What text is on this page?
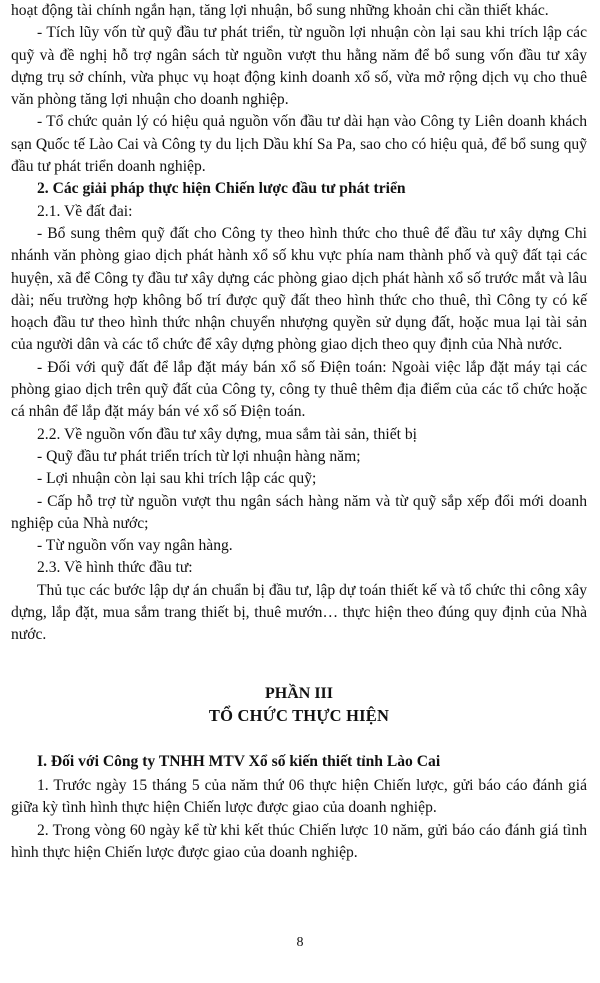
hoạt động tài chính ngắn hạn, tăng lợi nhuận, bổ sung những khoản chi cần thiết khác.

- Tích lũy vốn từ quỹ đầu tư phát triển, từ nguồn lợi nhuận còn lại sau khi trích lập các quỹ và đề nghị hỗ trợ ngân sách từ nguồn vượt thu hằng năm để bổ sung vốn đầu tư xây dựng trụ sở chính, vừa phục vụ hoạt động kinh doanh xổ số, vừa mở rộng dịch vụ cho thuê văn phòng tăng lợi nhuận cho doanh nghiệp.

- Tổ chức quản lý có hiệu quả nguồn vốn đầu tư dài hạn vào Công ty Liên doanh khách sạn Quốc tế Lào Cai và Công ty du lịch Dầu khí Sa Pa, sao cho có hiệu quả, để bổ sung quỹ đầu tư phát triển doanh nghiệp.

2. Các giải pháp thực hiện Chiến lược đầu tư phát triển

2.1. Về đất đai:

- Bổ sung thêm quỹ đất cho Công ty theo hình thức cho thuê để đầu tư xây dựng Chi nhánh văn phòng giao dịch phát hành xổ số khu vực phía nam thành phố và quỹ đất tại các huyện, xã để Công ty đầu tư xây dựng các phòng giao dịch phát hành xổ số trước mắt và lâu dài; nếu trường hợp không bố trí được quỹ đất theo hình thức cho thuê, thì Công ty có kế hoạch đầu tư theo hình thức nhận chuyển nhượng quyền sử dụng đất, hoặc mua lại tài sản của người dân và các tổ chức để xây dựng phòng giao dịch theo quy định của Nhà nước.

- Đối với quỹ đất để lắp đặt máy bán xổ số Điện toán: Ngoài việc lắp đặt máy tại các phòng giao dịch trên quỹ đất của Công ty, công ty thuê thêm địa điểm của các tổ chức hoặc cá nhân để lắp đặt máy bán vé xổ số Điện toán.

2.2. Về nguồn vốn đầu tư xây dựng, mua sắm tài sản, thiết bị

- Quỹ đầu tư phát triển trích từ lợi nhuận hàng năm;

- Lợi nhuận còn lại sau khi trích lập các quỹ;

- Cấp hỗ trợ từ nguồn vượt thu ngân sách hàng năm và từ quỹ sắp xếp đổi mới doanh nghiệp của Nhà nước;

- Từ nguồn vốn vay ngân hàng.

2.3. Về hình thức đầu tư:

Thủ tục các bước lập dự án chuẩn bị đầu tư, lập dự toán thiết kế và tổ chức thi công xây dựng, lắp đặt, mua sắm trang thiết bị, thuê mướn… thực hiện theo đúng quy định của Nhà nước.

PHẦN III
TỔ CHỨC THỰC HIỆN
I. Đối với Công ty TNHH MTV Xổ số kiến thiết tỉnh Lào Cai

1. Trước ngày 15 tháng 5 của năm thứ 06 thực hiện Chiến lược, gửi báo cáo đánh giá giữa kỳ tình hình thực hiện Chiến lược được giao của doanh nghiệp.

2. Trong vòng 60 ngày kể từ khi kết thúc Chiến lược 10 năm, gửi báo cáo đánh giá tình hình thực hiện Chiến lược được giao của doanh nghiệp.

8
